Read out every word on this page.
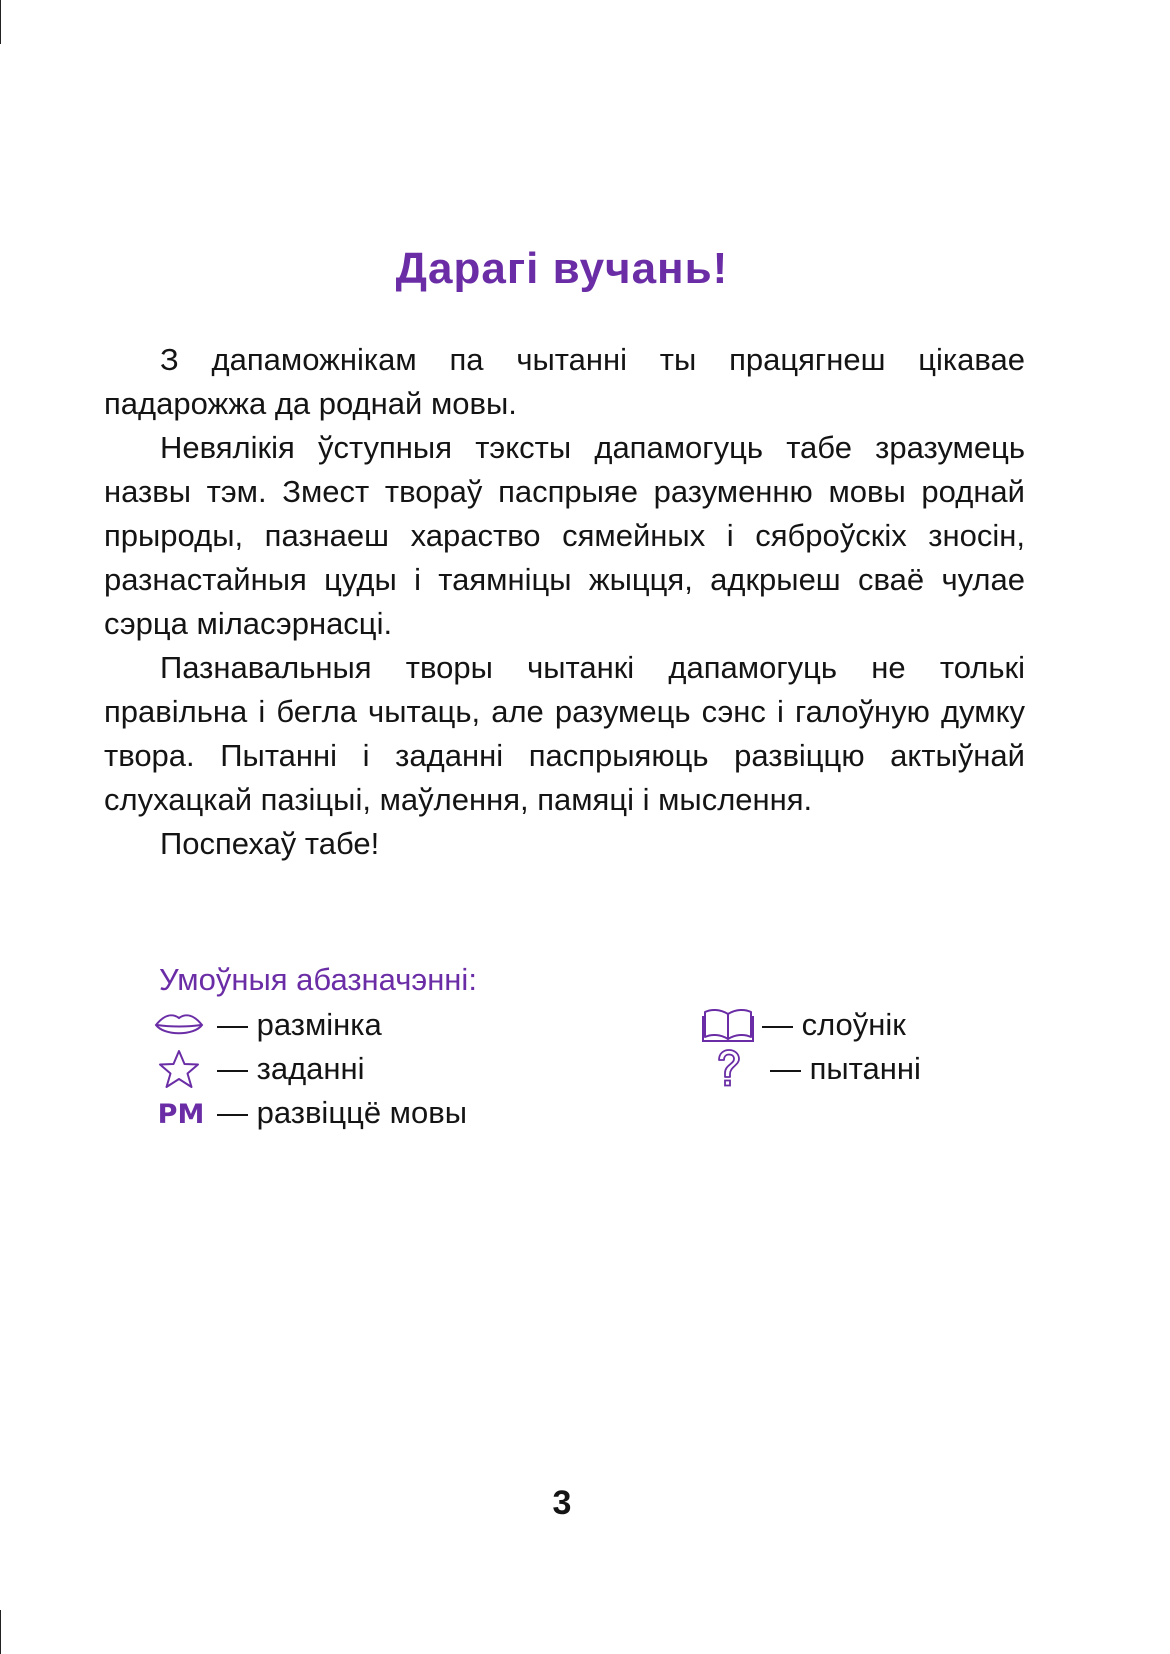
Дарагі вучань!

З дапаможнікам па чытанні ты працягнеш цікавае падарожжа да роднай мовы.

Невялікія ўступныя тэксты дапамогуць табе зразумець назвы тэм. Змест твораў паспрыяе разуменню мовы роднай прыроды, пазнаеш хараство сямейных і сяброўскіх зносін, разнастайныя цуды і таямніцы жыцця, адкрыеш сваё чулае сэрца міласэрнасці.

Пазнавальныя творы чытанкі дапамогуць не толькі правільна і бегла чытаць, але разумець сэнс і галоўную думку твора. Пытанні і заданні паспрыяюць развіццю актыўнай слухацкай пазіцыі, маўлення, памяці і мыслення.

Поспехаў табе!

Умоўныя абазначэнні:

— размінка
— заданні
РМ — развіццё мовы
— слоўнік
— пытанні

3
